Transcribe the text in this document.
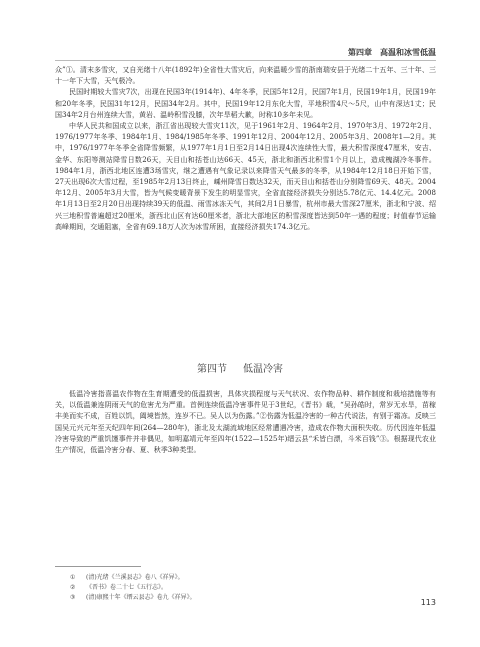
第四章 高温和冰雪低温

众”①。清末多雪灾，又自光绪十八年(1892年)全省性大雪灾后，向来温暖少雪的浙南瑞安县于光绪二十五年、三十年、三十一年下大雪，天气极冷。

民国时期较大雪灾7次，出现在民国3年(1914年)、4年冬季，民国5年12月，民国7年1月，民国19年1月，民国19年和20年冬季，民国31年12月，民国34年2月。其中，民国19年12月东化大雪，平地积雪4尺～5尺，山中有深达1丈；民国34年2月台州连续大雪，黄岩、温岭积雪没膝，次年旱稻大歉，时称10多年未见。

中华人民共和国成立以来，浙江省出现较大雪灾11次，见于1961年2月、1964年2月、1970年3月、1972年2月、1976/1977年冬季、1984年1月、1984/1985年冬季、1991年12月、2004年12月、2005年3月、2008年1—2月。其中，1976/1977年冬季全省降雪频繁，从1977年1月1日至2月14日出现4次连续性大雪，最大积雪深度47厘米，安吉、金华、东阳等测站降雪日数26天，天目山和括苍山达66天、45天，浙北和浙西北积雪1个月以上，造成槐湖冷冬事件。1984年1月，浙西北地区连遭3场雪灾，继之遭遇有气象记录以来降雪天气最多的冬季，从1984年12月18日开始下雪，27天出现6次大雪过程，至1985年2月13日终止，嵊州降雪日数达32天，而天目山和括苍山分别降雪69天、48天。2004年12月、2005年3月大雪，皆为气候变暖背景下发生的明显雪灾，全省直接经济损失分别达5.78亿元、14.4亿元。2008年1月13日至2月20日出现持续39天的低温、雨雪冰冻天气，其间2月1日暴雪，杭州市最大雪深27厘米，浙北和宁波、绍兴三地积雪普遍超过20厘米，浙西北山区有达60厘米者，浙北大部地区的积雪深度皆达到50年一遇的程度；时值春节运输高峰期间，交通阻塞，全省有69.18万人次为冰雪所困，直接经济损失174.3亿元。

第四节 低温冷害

低温冷害指喜温农作物在生育期遭受的低温损害，具体灾损程度与天气状况、农作物品种、耕作制度和栽培措施等有关，以低温兼连阴雨天气的危害尤为严重。首例连续低温冷害事件见于3世纪，《晋书》载，“吴孙皓时，常岁无水旱，苗稼丰美而实不成，百姓以饥，阖境皆然，连岁不已。吴人以为伤露。”②伤露为低温冷害的一种古代说法，有别于霜冻。反映三国吴元兴元年至天纪四年间(264—280年)，浙北及太湖流域地区经常遭遇冷害，造成农作物大面积失收。历代因连年低温冷害导致的严重饥馑事件并非偶见，如明嘉靖元年至四年(1522—1525年)缙云县“禾皆白漂，斗米百钱”③。根据现代农业生产情况，低温冷害分春、夏、秋季3种类型。

① (清)光绪《兰溪县志》卷八《祥异》。
② 《晋书》卷二十七《五行志》。
③ (清)康熙十年《缙云县志》卷九《祥异》。
113
